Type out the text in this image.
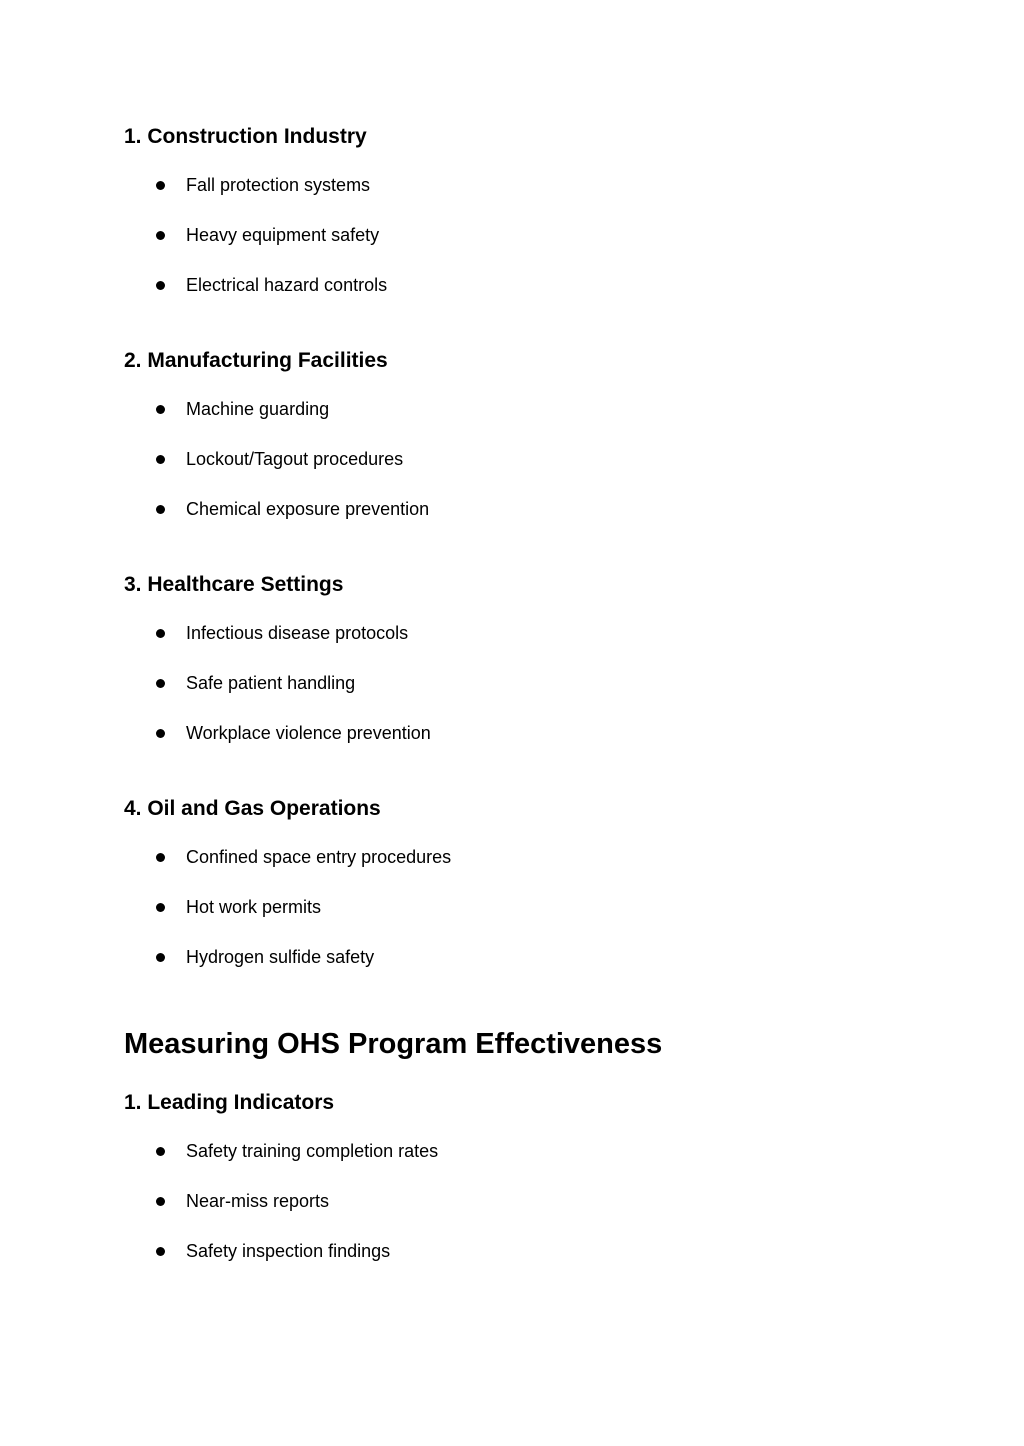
1. Construction Industry
Fall protection systems
Heavy equipment safety
Electrical hazard controls
2. Manufacturing Facilities
Machine guarding
Lockout/Tagout procedures
Chemical exposure prevention
3. Healthcare Settings
Infectious disease protocols
Safe patient handling
Workplace violence prevention
4. Oil and Gas Operations
Confined space entry procedures
Hot work permits
Hydrogen sulfide safety
Measuring OHS Program Effectiveness
1. Leading Indicators
Safety training completion rates
Near-miss reports
Safety inspection findings
